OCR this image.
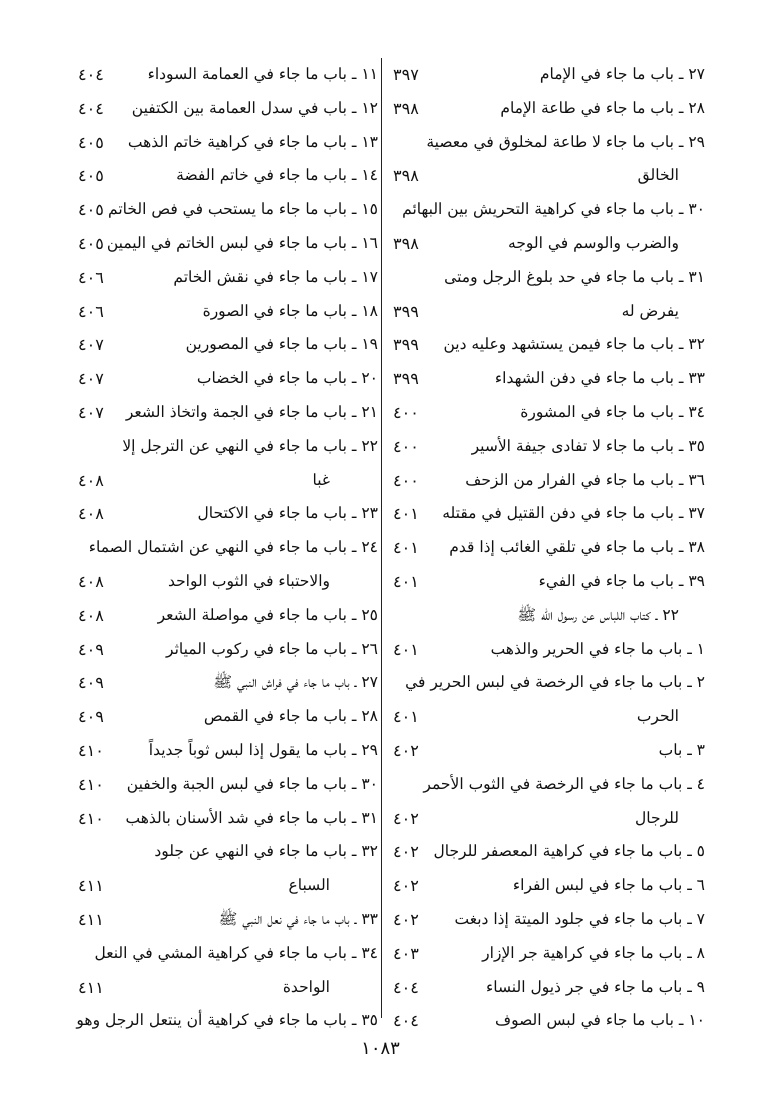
٢٧ ـ باب ما جاء في الإمام
٣٩٧
٢٨ ـ باب ما جاء في طاعة الإمام
٣٩٨
٢٩ ـ باب ما جاء لا طاعة لمخلوق في معصية
الخالق
٣٩٨
٣٠ ـ باب ما جاء في كراهية التحريش بين البهائم
والضرب والوسم في الوجه
٣٩٨
٣١ ـ باب ما جاء في حد بلوغ الرجل ومتى
يفرض له
٣٩٩
٣٢ ـ باب ما جاء فيمن يستشهد وعليه دين
٣٩٩
٣٣ ـ باب ما جاء في دفن الشهداء
٣٩٩
٣٤ ـ باب ما جاء في المشورة
٤٠٠
٣٥ ـ باب ما جاء لا تفادى جيفة الأسير
٤٠٠
٣٦ ـ باب ما جاء في الفرار من الزحف
٤٠٠
٣٧ ـ باب ما جاء في دفن القتيل في مقتله
٤٠١
٣٨ ـ باب ما جاء في تلقي الغائب إذا قدم
٤٠١
٣٩ ـ باب ما جاء في الفيء
٤٠١
٢٢ ـ كتاب اللباس عن رسول الله ﷺ
١ ـ باب ما جاء في الحرير والذهب
٤٠١
٢ ـ باب ما جاء في الرخصة في لبس الحرير في
الحرب
٤٠١
٣ ـ باب
٤٠٢
٤ ـ باب ما جاء في الرخصة في الثوب الأحمر
للرجال
٤٠٢
٥ ـ باب ما جاء في كراهية المعصفر للرجال
٤٠٢
٦ ـ باب ما جاء في لبس الفراء
٤٠٢
٧ ـ باب ما جاء في جلود الميتة إذا دبغت
٤٠٢
٨ ـ باب ما جاء في كراهية جر الإزار
٤٠٣
٩ ـ باب ما جاء في جر ذيول النساء
٤٠٤
١٠ ـ باب ما جاء في لبس الصوف
٤٠٤
١١ ـ باب ما جاء في العمامة السوداء
٤٠٤
١٢ ـ باب في سدل العمامة بين الكتفين
٤٠٤
١٣ ـ باب ما جاء في كراهية خاتم الذهب
٤٠٥
١٤ ـ باب ما جاء في خاتم الفضة
٤٠٥
١٥ ـ باب ما جاء ما يستحب في فص الخاتم
٤٠٥
١٦ ـ باب ما جاء في لبس الخاتم في اليمين
٤٠٥
١٧ ـ باب ما جاء في نقش الخاتم
٤٠٦
١٨ ـ باب ما جاء في الصورة
٤٠٦
١٩ ـ باب ما جاء في المصورين
٤٠٧
٢٠ ـ باب ما جاء في الخضاب
٤٠٧
٢١ ـ باب ما جاء في الجمة واتخاذ الشعر
٤٠٧
٢٢ ـ باب ما جاء في النهي عن الترجل إلا
غبا
٤٠٨
٢٣ ـ باب ما جاء في الاكتحال
٤٠٨
٢٤ ـ باب ما جاء في النهي عن اشتمال الصماء
والاحتباء في الثوب الواحد
٤٠٨
٢٥ ـ باب ما جاء في مواصلة الشعر
٤٠٨
٢٦ ـ باب ما جاء في ركوب المياثر
٤٠٩
٢٧ ـ باب ما جاء في فراش النبي ﷺ
٤٠٩
٢٨ ـ باب ما جاء في القمص
٤٠٩
٢٩ ـ باب ما يقول إذا لبس ثوباً جديداً
٤١٠
٣٠ ـ باب ما جاء في لبس الجبة والخفين
٤١٠
٣١ ـ باب ما جاء في شد الأسنان بالذهب
٤١٠
٣٢ ـ باب ما جاء في النهي عن جلود
السباع
٤١١
٣٣ ـ باب ما جاء في نعل النبي ﷺ
٤١١
٣٤ ـ باب ما جاء في كراهية المشي في النعل
الواحدة
٤١١
٣٥ ـ باب ما جاء في كراهية أن ينتعل الرجل وهو
١٠٨٣
